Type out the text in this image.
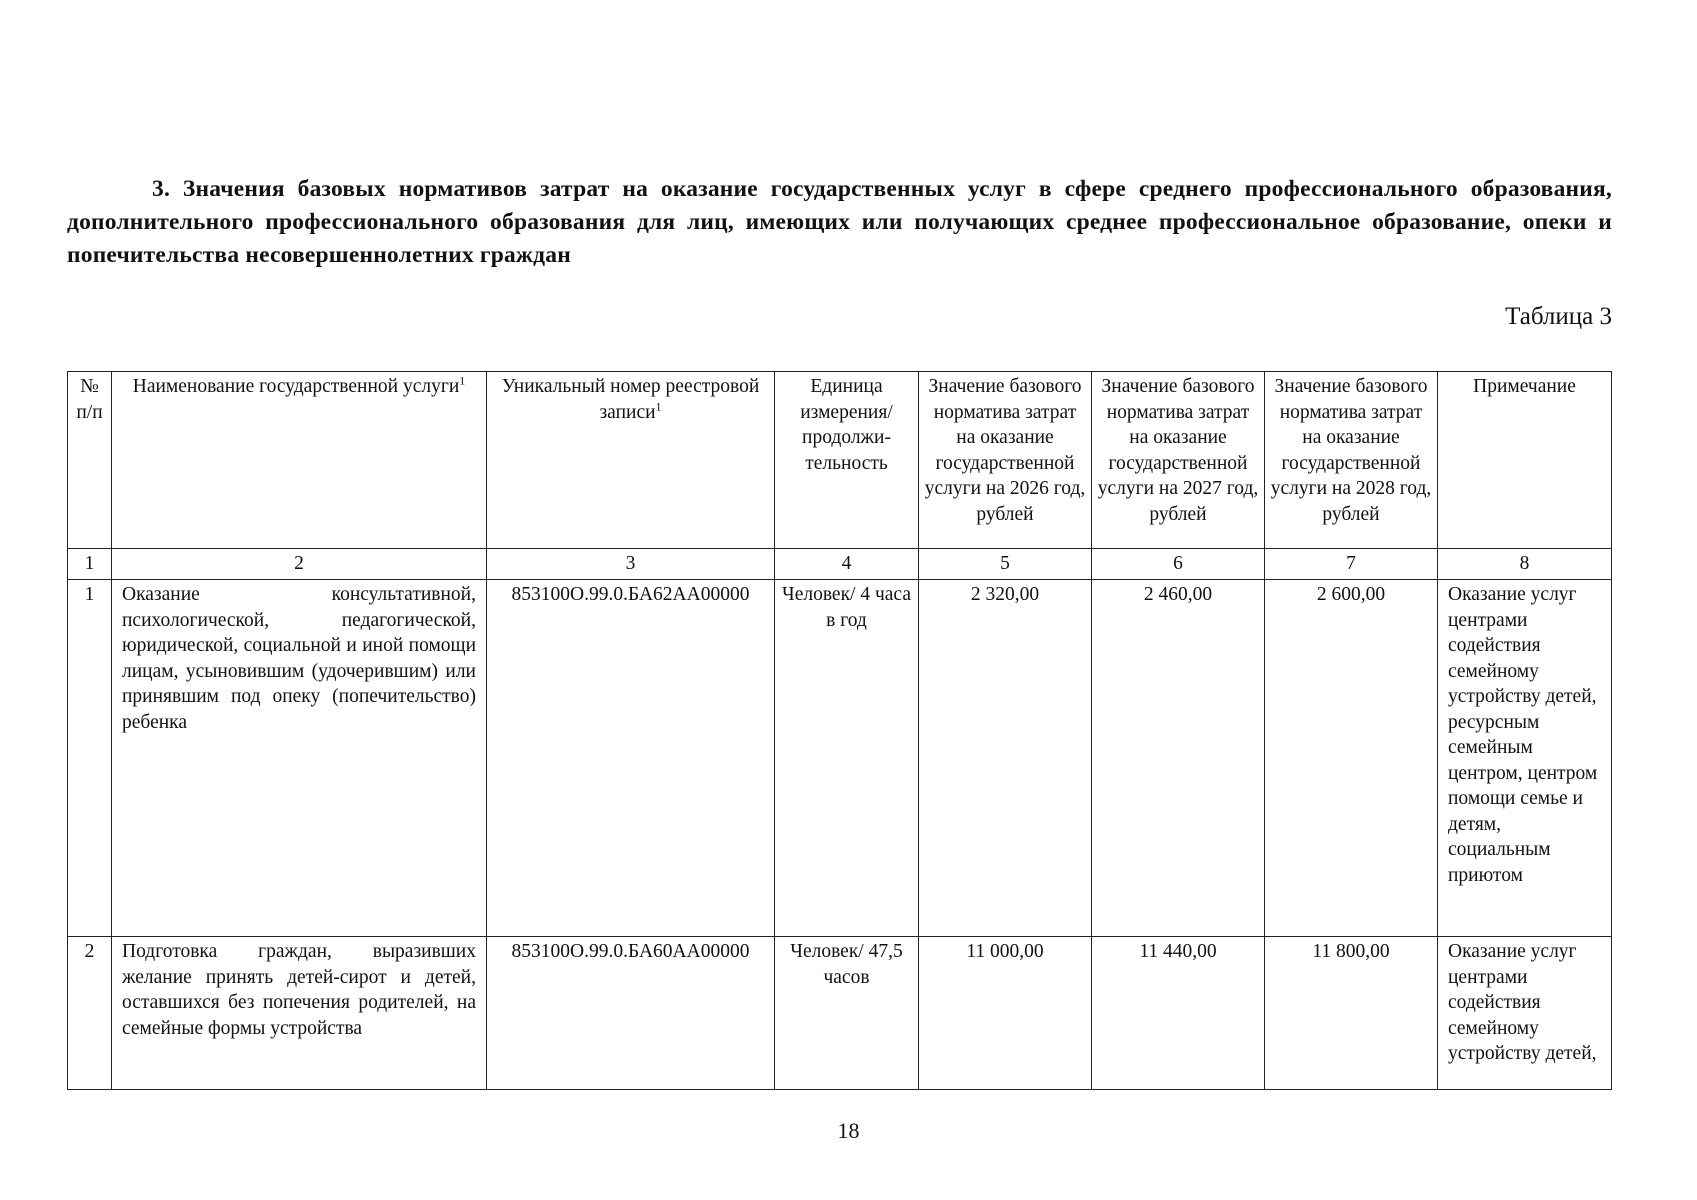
3. Значения базовых нормативов затрат на оказание государственных услуг в сфере среднего профессионального образования, дополнительного профессионального образования для лиц, имеющих или получающих среднее профессиональное образование, опеки и попечительства несовершеннолетних граждан
Таблица 3
№ п/п	Наименование государственной услуги$^1$	Уникальный номер реестровой записи$^1$	Единица измерения/ продолжи-тельность	Значение базового норматива затрат на оказание государственной услуги на 2026 год, рублей	Значение базового норматива затрат на оказание государственной услуги на 2027 год, рублей	Значение базового норматива затрат на оказание государственной услуги на 2028 год, рублей	Примечание
1	2	3	4	5	6	7	8
1	Оказание консультативной, психологической, педагогической, юридической, социальной и иной помощи лицам, усыновившим (удочерившим) или принявшим под опеку (попечительство) ребенка	853100О.99.0.БА62АА00000	Человек/ 4 часа в год	2 320,00	2 460,00	2 600,00	Оказание услуг центрами содействия семейному устройству детей, ресурсным семейным центром, центром помощи семье и детям, социальным приютом
2	Подготовка граждан, выразивших желание принять детей-сирот и детей, оставшихся без попечения родителей, на семейные формы устройства	853100О.99.0.БА60АА00000	Человек/ 47,5 часов	11 000,00	11 440,00	11 800,00	Оказание услуг центрами содействия семейному устройству детей,
18
